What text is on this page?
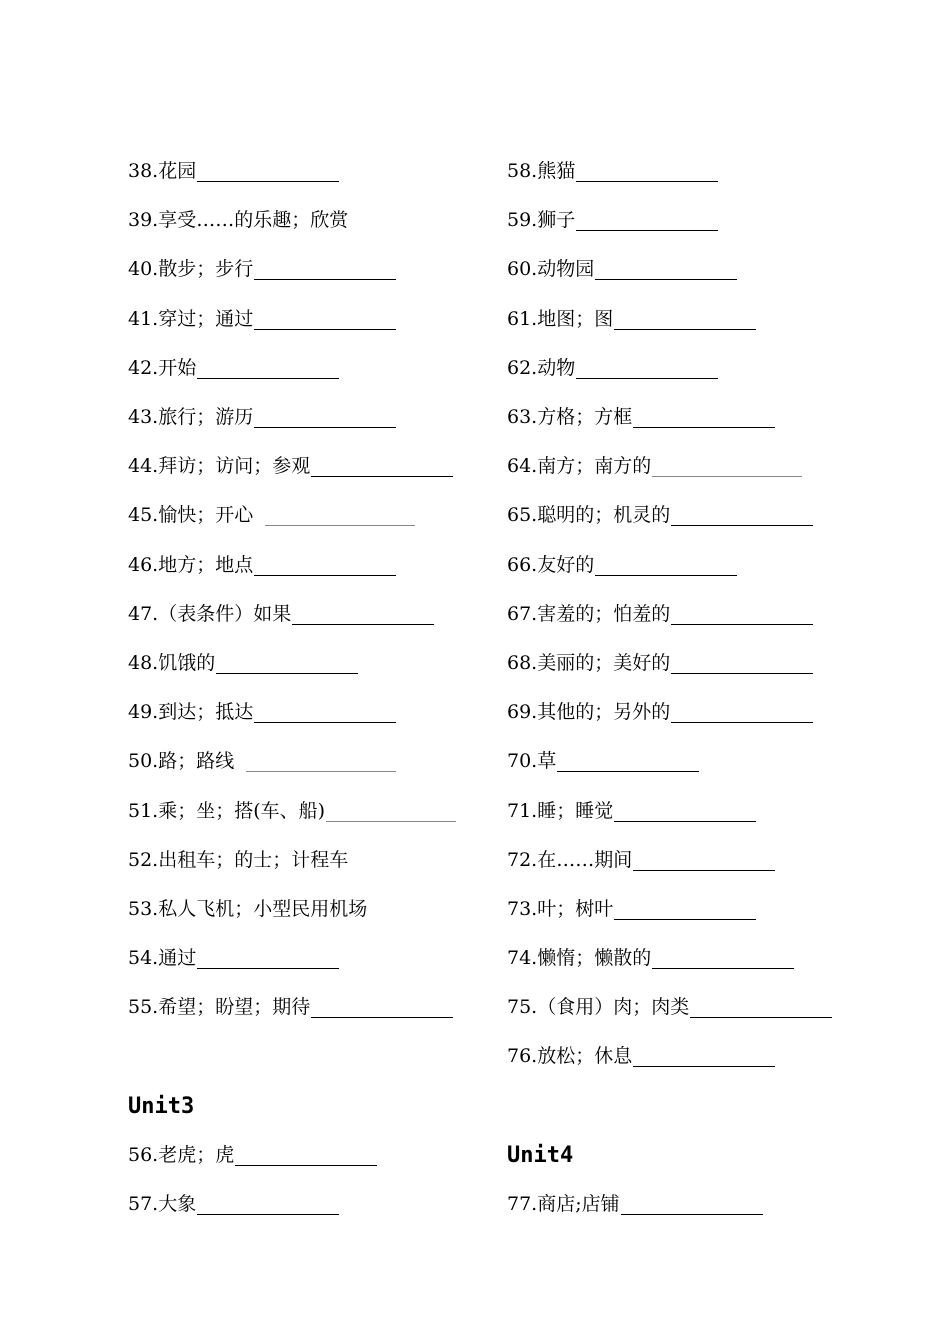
38.花园
39.享受……的乐趣；欣赏
40.散步；步行
41.穿过；通过
42.开始
43.旅行；游历
44.拜访；访问；参观
45.愉快；开心
46.地方；地点
47.（表条件）如果
48.饥饿的
49.到达；抵达
50.路；路线
51.乘；坐；搭(车、船)
52.出租车；的士；计程车
53.私人飞机；小型民用机场
54.通过
55.希望；盼望；期待
Unit3
56.老虎；虎
57.大象
58.熊猫
59.狮子
60.动物园
61.地图；图
62.动物
63.方格；方框
64.南方；南方的
65.聪明的；机灵的
66.友好的
67.害羞的；怕羞的
68.美丽的；美好的
69.其他的；另外的
70.草
71.睡；睡觉
72.在……期间
73.叶；树叶
74.懒惰；懒散的
75.（食用）肉；肉类
76.放松；休息
Unit4
77.商店;店铺
